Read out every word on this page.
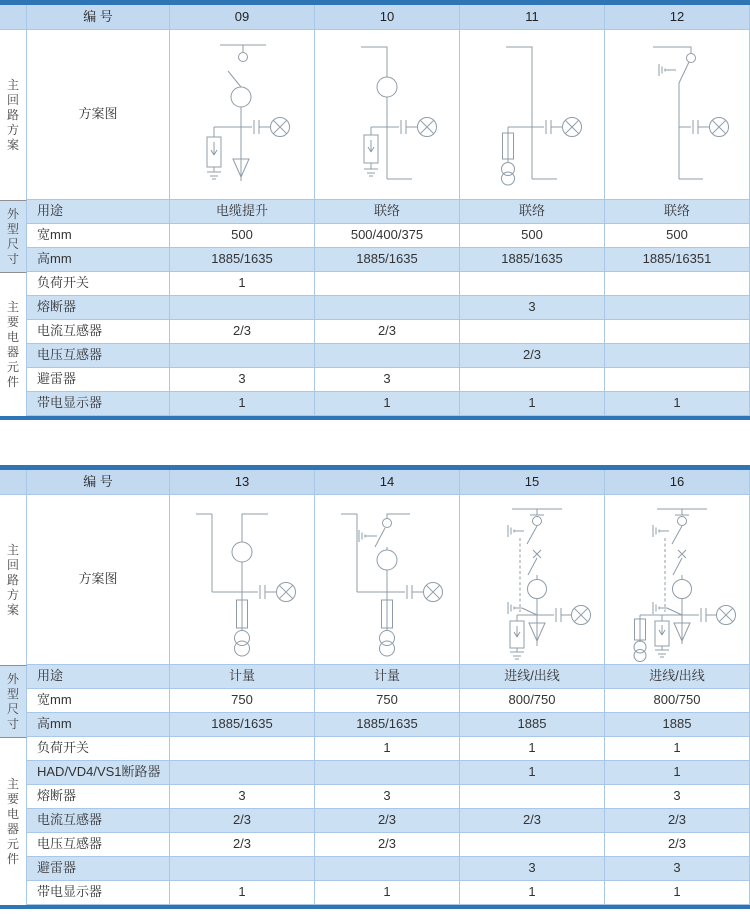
	编 号	09	10	11	12
主回路方案	方案图	

外型尺寸	用途	电缆提升	联络	联络	联络
	宽mm	500	500/400/375	500	500
	高mm	1885/1635	1885/1635	1885/1635	1885/16351
主要电器元件	负荷开关	1			
	熔断器			3	
	电流互感器	2/3	2/3		
	电压互感器			2/3	
	避雷器	3	3		
	带电显示器	1	1	1	1
	编 号	13	14	15	16
主回路方案	方案图	

外型尺寸	用途	计量	计量	进线/出线	进线/出线
	宽mm	750	750	800/750	800/750
	高mm	1885/1635	1885/1635	1885	1885
主要电器元件	负荷开关		1	1	1
	HAD/VD4/VS1断路器			1	1
	熔断器	3	3		3
	电流互感器	2/3	2/3	2/3	2/3
	电压互感器	2/3	2/3		2/3
	避雷器			3	3
	带电显示器	1	1	1	1
